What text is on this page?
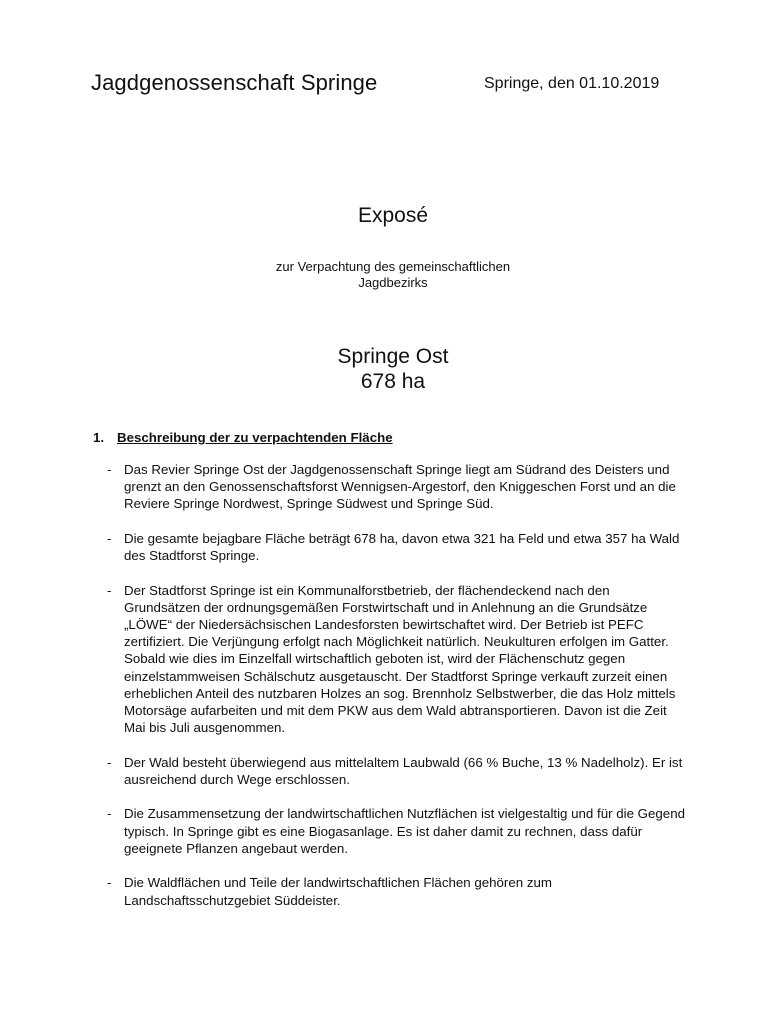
Jagdgenossenschaft Springe	Springe, den 01.10.2019
Exposé
zur Verpachtung des gemeinschaftlichen
Jagdbezirks
Springe Ost
678 ha
1. Beschreibung der zu verpachtenden Fläche
- Das Revier Springe Ost der Jagdgenossenschaft Springe liegt am Südrand des Deisters und grenzt an den Genossenschaftsforst Wennigsen-Argestorf, den Kniggeschen Forst und an die Reviere Springe Nordwest, Springe Südwest und Springe Süd.
- Die gesamte bejagbare Fläche beträgt 678 ha, davon etwa 321 ha Feld und etwa 357 ha Wald des Stadtforst Springe.
- Der Stadtforst Springe ist ein Kommunalforstbetrieb, der flächendeckend nach den Grundsätzen der ordnungsgemäßen Forstwirtschaft und in Anlehnung an die Grundsätze „LÖWE“ der Niedersächsischen Landesforsten bewirtschaftet wird. Der Betrieb ist PEFC zertifiziert. Die Verjüngung erfolgt nach Möglichkeit natürlich. Neukulturen erfolgen im Gatter. Sobald wie dies im Einzelfall wirtschaftlich geboten ist, wird der Flächenschutz gegen einzelstammweisen Schälschutz ausgetauscht. Der Stadtforst Springe verkauft zurzeit einen erheblichen Anteil des nutzbaren Holzes an sog. Brennholz Selbstwerber, die das Holz mittels Motorsäge aufarbeiten und mit dem PKW aus dem Wald abtransportieren. Davon ist die Zeit Mai bis Juli ausgenommen.
- Der Wald besteht überwiegend aus mittelaltem Laubwald (66 % Buche, 13 % Nadelholz). Er ist ausreichend durch Wege erschlossen.
- Die Zusammensetzung der landwirtschaftlichen Nutzflächen ist vielgestaltig und für die Gegend typisch. In Springe gibt es eine Biogasanlage. Es ist daher damit zu rechnen, dass dafür geeignete Pflanzen angebaut werden.
- Die Waldflächen und Teile der landwirtschaftlichen Flächen gehören zum Landschaftsschutzgebiet Süddeister.
